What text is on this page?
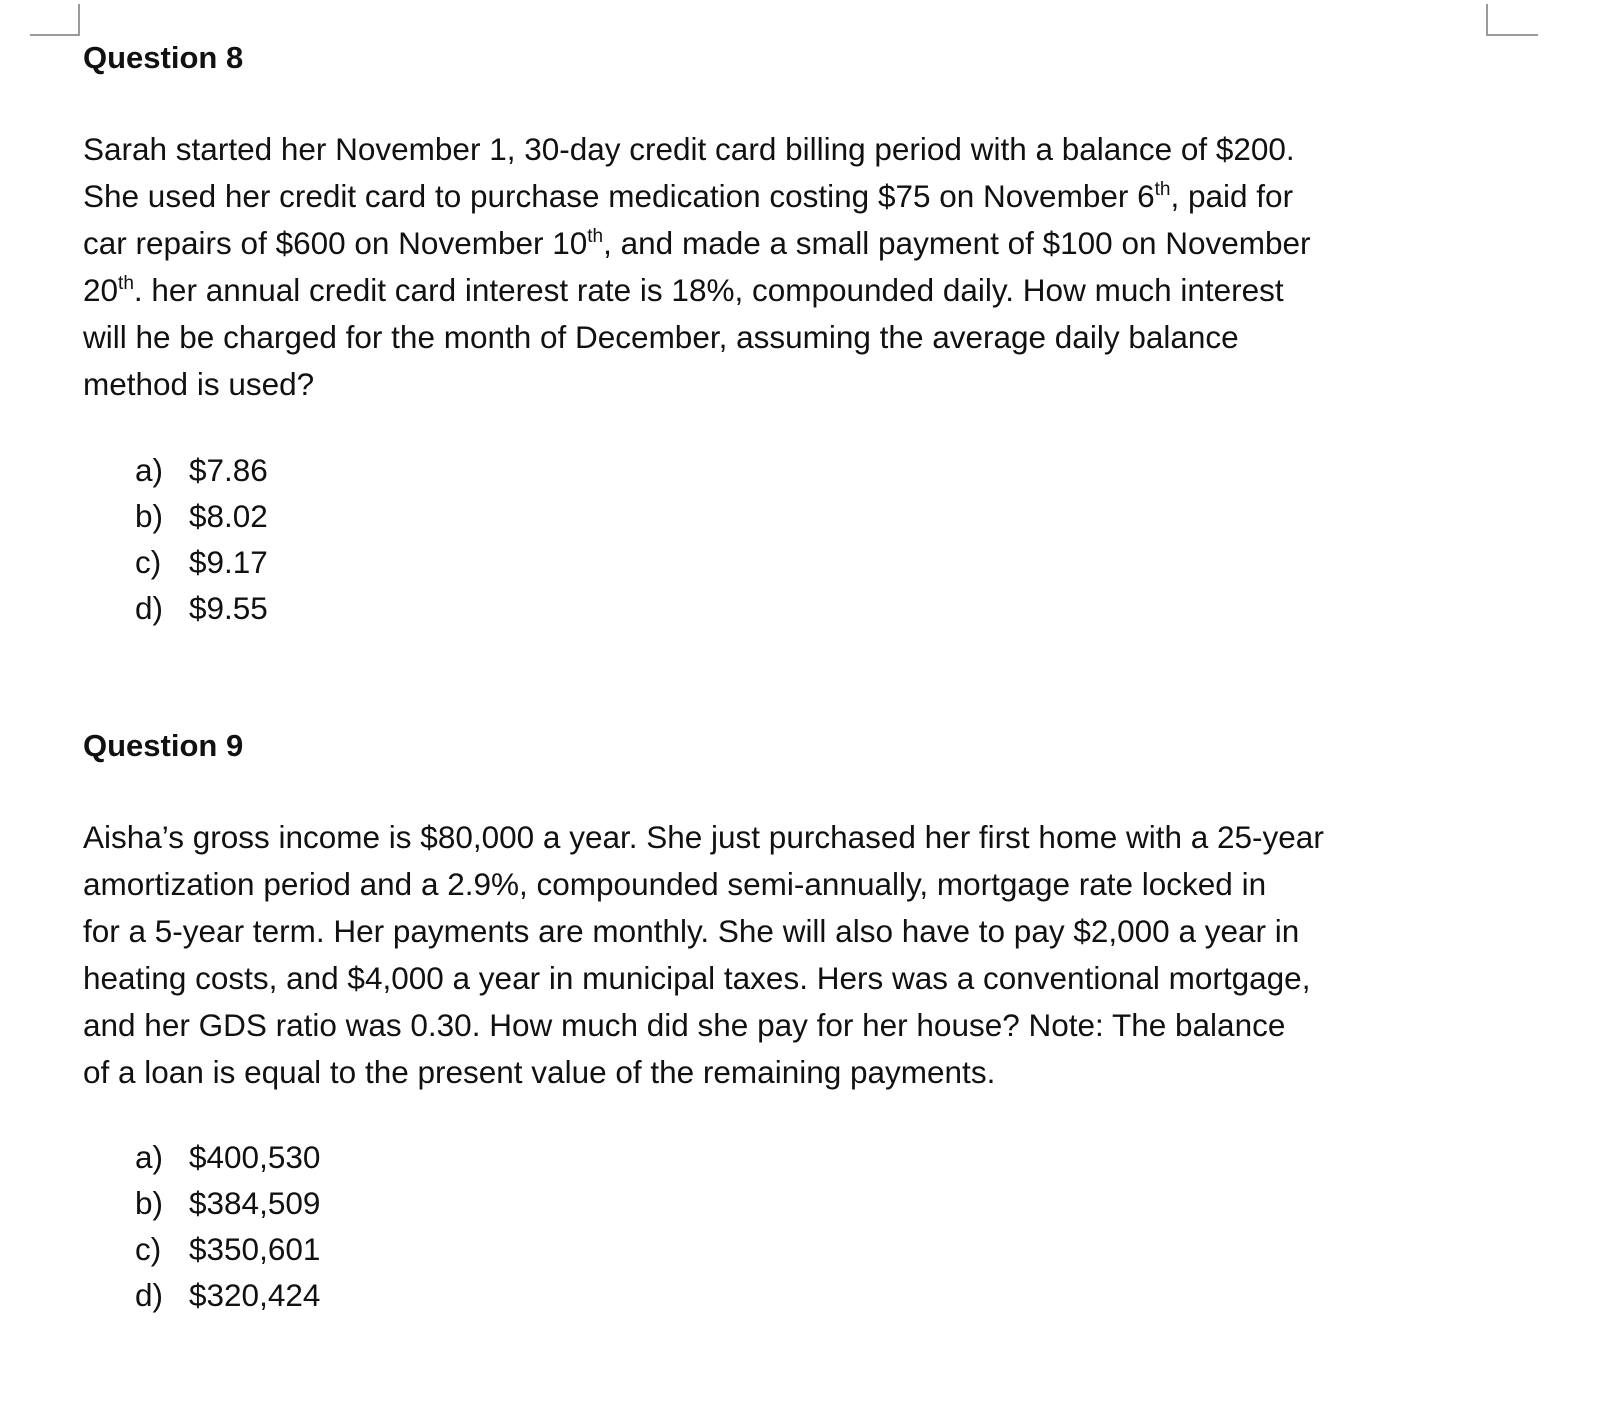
Question 8

Sarah started her November 1, 30-day credit card billing period with a balance of $200.
She used her credit card to purchase medication costing $75 on November 6th, paid for
car repairs of $600 on November 10th, and made a small payment of $100 on November
20th. her annual credit card interest rate is 18%, compounded daily. How much interest
will he be charged for the month of December, assuming the average daily balance
method is used?

a) $7.86
b) $8.02
c) $9.17
d) $9.55
Question 9

Aisha’s gross income is $80,000 a year. She just purchased her first home with a 25-year
amortization period and a 2.9%, compounded semi-annually, mortgage rate locked in
for a 5-year term. Her payments are monthly. She will also have to pay $2,000 a year in
heating costs, and $4,000 a year in municipal taxes. Hers was a conventional mortgage,
and her GDS ratio was 0.30. How much did she pay for her house? Note: The balance
of a loan is equal to the present value of the remaining payments.

a) $400,530
b) $384,509
c) $350,601
d) $320,424
